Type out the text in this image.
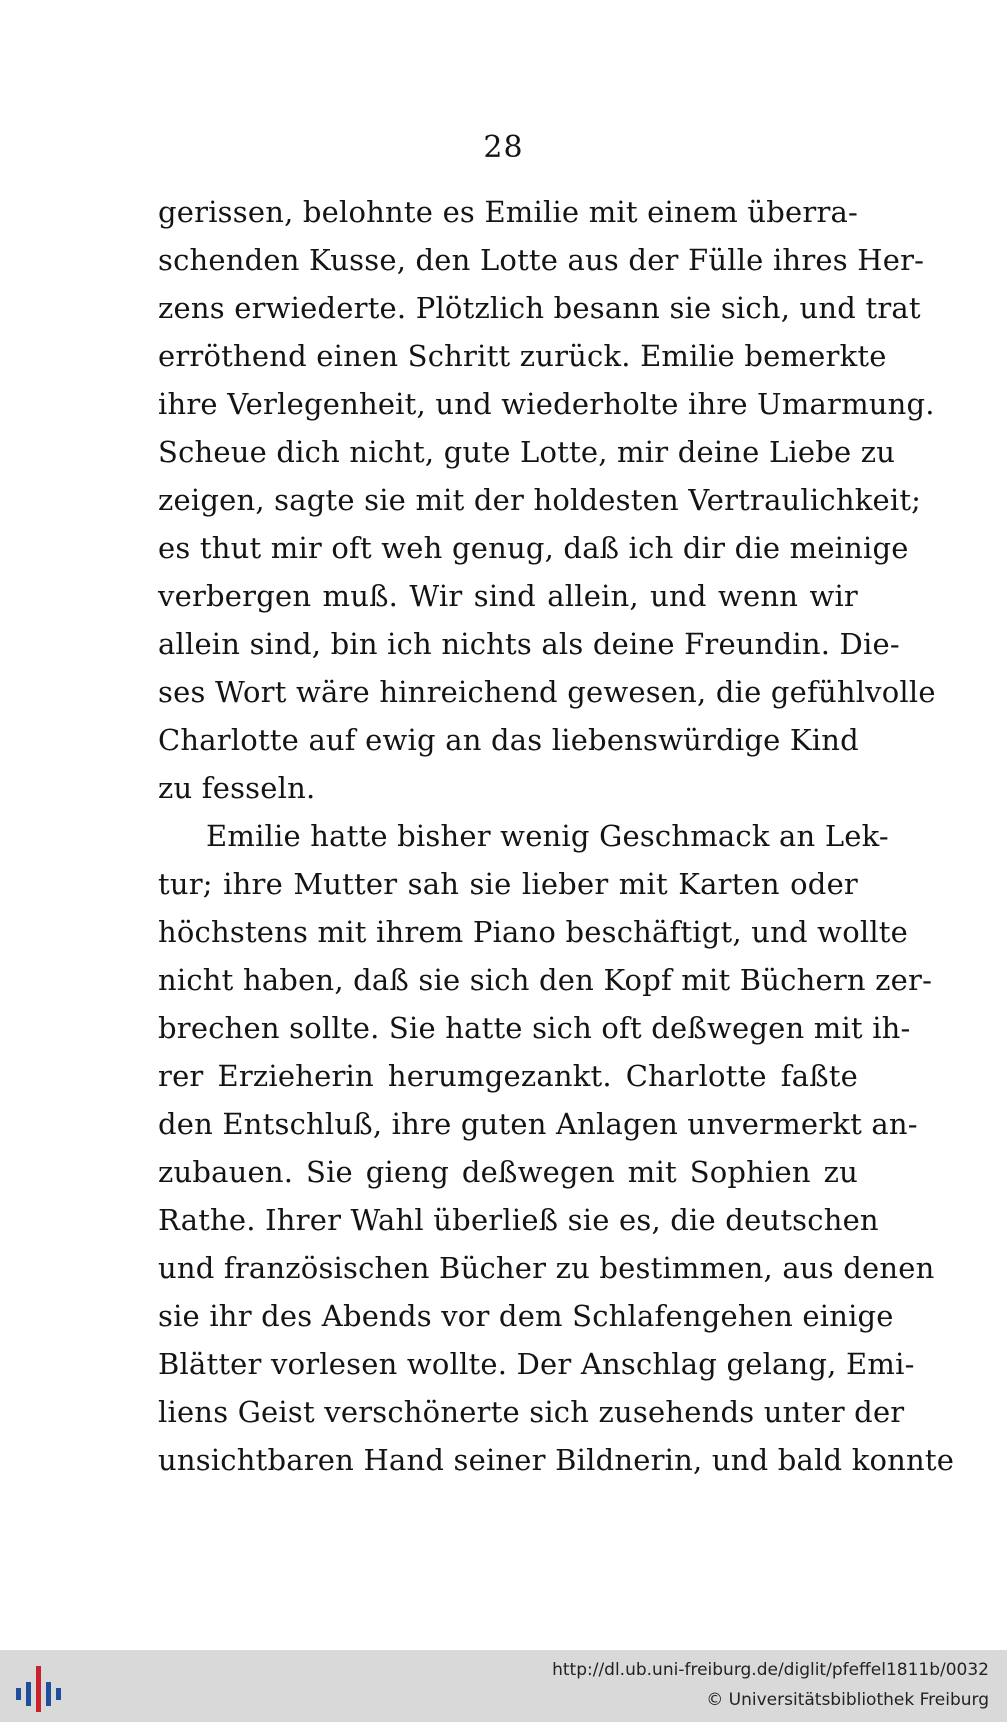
28
gerissen, belohnte es Emilie mit einem überra-
schenden Kusse, den Lotte aus der Fülle ihres Her-
zens erwiederte. Plötzlich besann sie sich, und trat
erröthend einen Schritt zurück. Emilie bemerkte
ihre Verlegenheit, und wiederholte ihre Umarmung.
Scheue dich nicht, gute Lotte, mir deine Liebe zu
zeigen, sagte sie mit der holdesten Vertraulichkeit;
es thut mir oft weh genug, daß ich dir die meinige
verbergen muß. Wir sind allein, und wenn wir
allein sind, bin ich nichts als deine Freundin. Die-
ses Wort wäre hinreichend gewesen, die gefühlvolle
Charlotte auf ewig an das liebenswürdige Kind
zu fesseln.
Emilie hatte bisher wenig Geschmack an Lek-
tur; ihre Mutter sah sie lieber mit Karten oder
höchstens mit ihrem Piano beschäftigt, und wollte
nicht haben, daß sie sich den Kopf mit Büchern zer-
brechen sollte. Sie hatte sich oft deßwegen mit ih-
rer Erzieherin herumgezankt. Charlotte faßte
den Entschluß, ihre guten Anlagen unvermerkt an-
zubauen. Sie gieng deßwegen mit Sophien zu
Rathe. Ihrer Wahl überließ sie es, die deutschen
und französischen Bücher zu bestimmen, aus denen
sie ihr des Abends vor dem Schlafengehen einige
Blätter vorlesen wollte. Der Anschlag gelang, Emi-
liens Geist verschönerte sich zusehends unter der
unsichtbaren Hand seiner Bildnerin, und bald konnte
http://dl.ub.uni-freiburg.de/diglit/pfeffel1811b/0032
© Universitätsbibliothek Freiburg
